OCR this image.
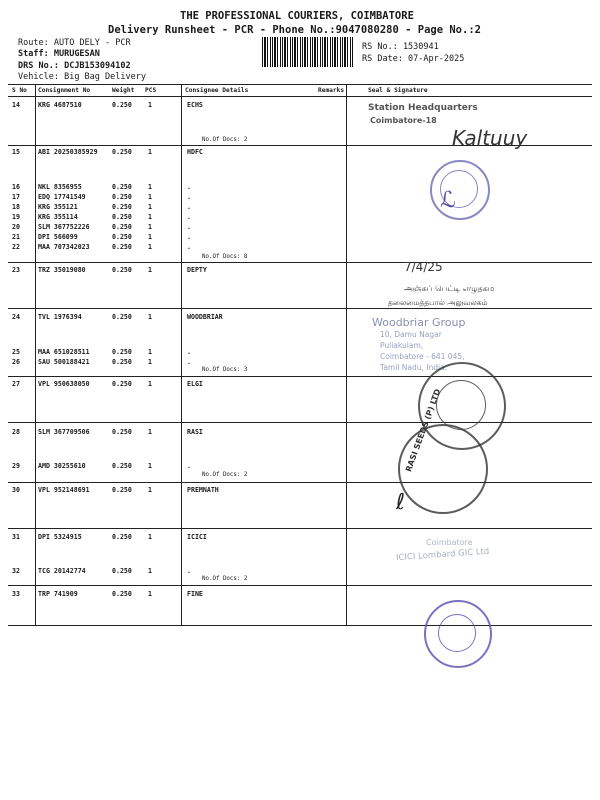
THE PROFESSIONAL COURIERS, COIMBATORE
Delivery Runsheet - PCR - Phone No.:9047080280 - Page No.:2
Route: AUTO DELY - PCR
Staff: MURUGESAN
DRS No.: DCJB153094102
Vehicle: Big Bag Delivery
RS No.: 1530941
RS Date: 07-Apr-2025
S No Consignment No	Weight PCS	Consignee Details	Remarks	Seal & Signature
14	KRG 4687510	0.250 1	ECHS
15	ABI 20250385929 0.250 1	HDFC
16	NKL 8356955	0.250 1	.
17	EDQ 17741549	0.250 1	.
18	KRG 355121	0.250 1	.
19	KRG 355114	0.250 1	.
20	SLM 367752226	0.250 1	.
21	DPI 566099	0.250 1	.
22	MAA 707342023	0.250 1	.
23	TRZ 35019080	0.250 1	DEPTY
24	TVL 1976394	0.250 1	WOODBRIAR
25	MAA 651028511	0.250 1	.
26	SAU 500188421	0.250 1	.
27	VPL 950638050	0.250 1	ELGI
28	SLM 367709506	0.250 1	RASI
29	AMD 30255610	0.250 1	.
30	VPL 952148691	0.250 1	PREMNATH
31	DPI 5324915	0.250 1	ICICI
32	TCG 20142774	0.250 1	.
33	TRP 741909	0.250 1	FINE
No.Of Docs: 2
No.Of Docs: 8
No.Of Docs: 3
No.Of Docs: 2
No.Of Docs: 2
Station Headquarters
Coimbatore-18
Kaltuuy
ℒ
7/4/25
அஞ்சுப் பெட்டி எழுதகம
தலைமைத்தபால் அலுவலகம்
Woodbriar Group
10, Damu Nagar
Puliakulam,
Coimbatore - 641 045,
Tamil Nadu, India.
RASI SEEDS (P) LTD
ℓ
Coimbatore
ICICI Lombard GIC Ltd
